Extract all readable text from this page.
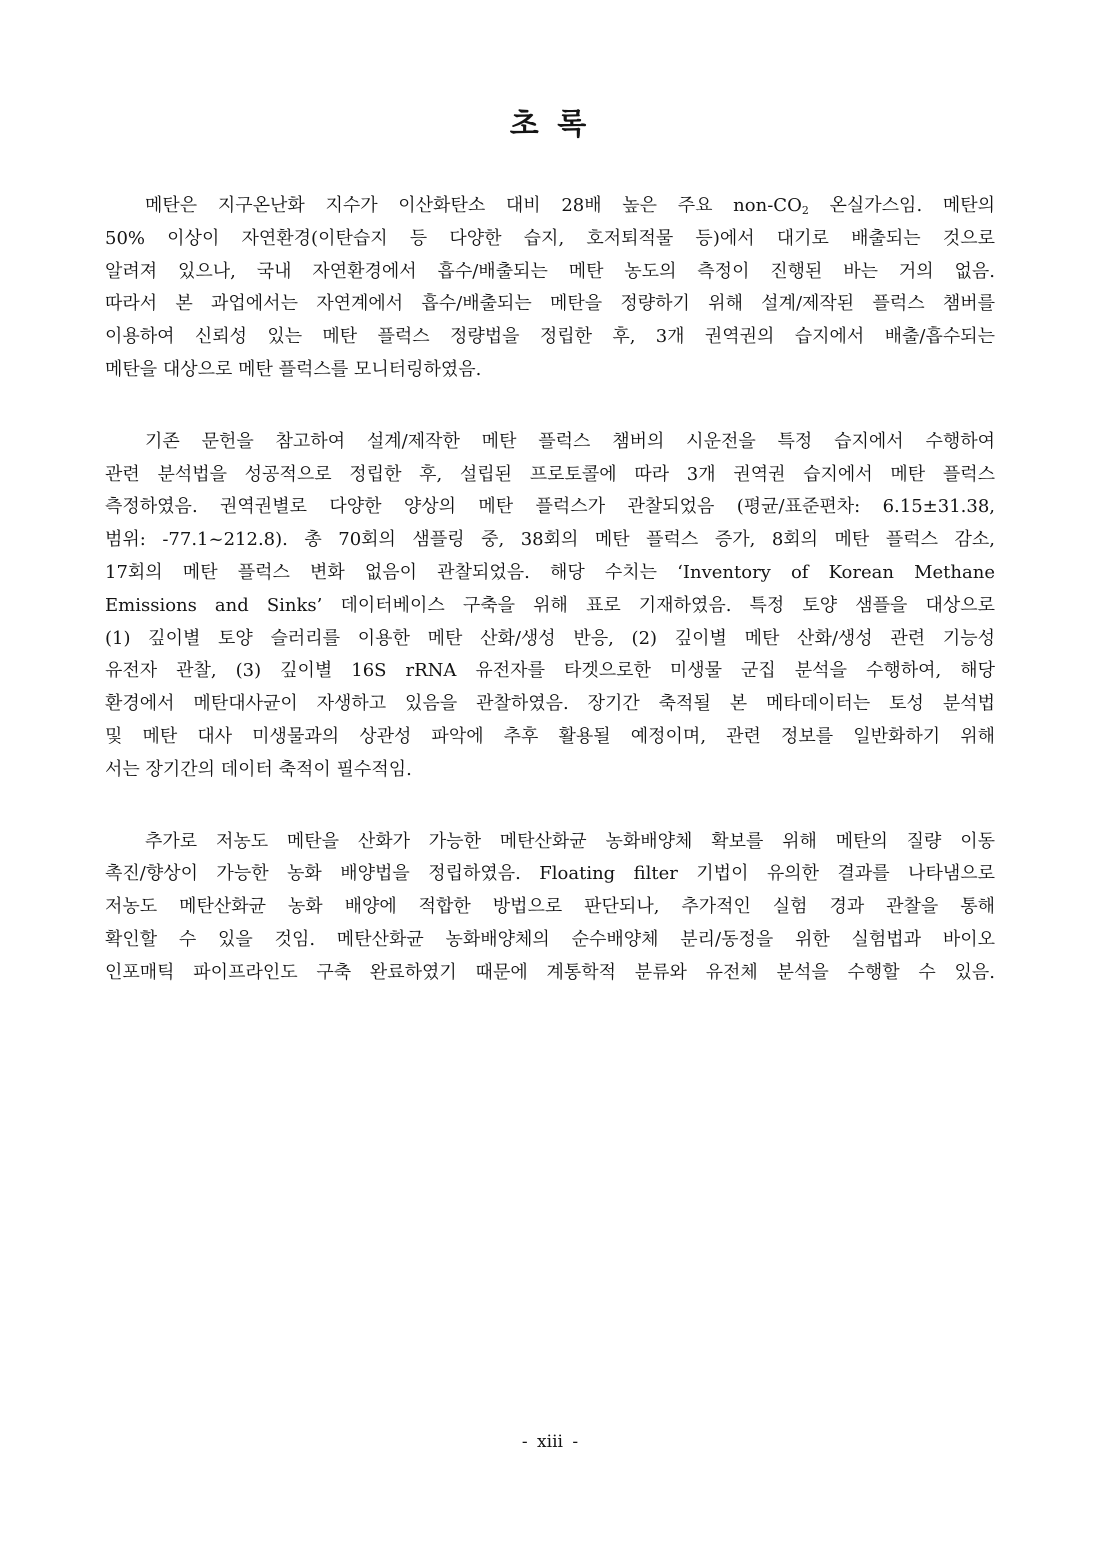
초 록
메탄은 지구온난화 지수가 이산화탄소 대비 28배 높은 주요 non-$CO_2$ 온실가스임. 메탄의
50% 이상이 자연환경(이탄습지 등 다양한 습지, 호저퇴적물 등)에서 대기로 배출되는 것으로
알려져 있으나, 국내 자연환경에서 흡수/배출되는 메탄 농도의 측정이 진행된 바는 거의 없음.
따라서 본 과업에서는 자연계에서 흡수/배출되는 메탄을 정량하기 위해 설계/제작된 플럭스 챔버를
이용하여 신뢰성 있는 메탄 플럭스 정량법을 정립한 후, 3개 권역권의 습지에서 배출/흡수되는
메탄을 대상으로 메탄 플럭스를 모니터링하였음.
기존 문헌을 참고하여 설계/제작한 메탄 플럭스 챔버의 시운전을 특정 습지에서 수행하여
관련 분석법을 성공적으로 정립한 후, 설립된 프로토콜에 따라 3개 권역권 습지에서 메탄 플럭스
측정하였음. 권역권별로 다양한 양상의 메탄 플럭스가 관찰되었음 (평균/표준편차: 6.15±31.38,
범위: -77.1~212.8). 총 70회의 샘플링 중, 38회의 메탄 플럭스 증가, 8회의 메탄 플럭스 감소,
17회의 메탄 플럭스 변화 없음이 관찰되었음. 해당 수치는 ‘Inventory of Korean Methane
Emissions and Sinks’ 데이터베이스 구축을 위해 표로 기재하였음. 특정 토양 샘플을 대상으로
(1) 깊이별 토양 슬러리를 이용한 메탄 산화/생성 반응, (2) 깊이별 메탄 산화/생성 관련 기능성
유전자 관찰, (3) 깊이별 16S rRNA 유전자를 타겟으로한 미생물 군집 분석을 수행하여, 해당
환경에서 메탄대사균이 자생하고 있음을 관찰하였음. 장기간 축적될 본 메타데이터는 토성 분석법
및 메탄 대사 미생물과의 상관성 파악에 추후 활용될 예정이며, 관련 정보를 일반화하기 위해
서는 장기간의 데이터 축적이 필수적임.
추가로 저농도 메탄을 산화가 가능한 메탄산화균 농화배양체 확보를 위해 메탄의 질량 이동
촉진/향상이 가능한 농화 배양법을 정립하였음. Floating filter 기법이 유의한 결과를 나타냄으로
저농도 메탄산화균 농화 배양에 적합한 방법으로 판단되나, 추가적인 실험 경과 관찰을 통해
확인할 수 있을 것임. 메탄산화균 농화배양체의 순수배양체 분리/동정을 위한 실험법과 바이오
인포매틱 파이프라인도 구축 완료하였기 때문에 계통학적 분류와 유전체 분석을 수행할 수 있음.
- xiii -
